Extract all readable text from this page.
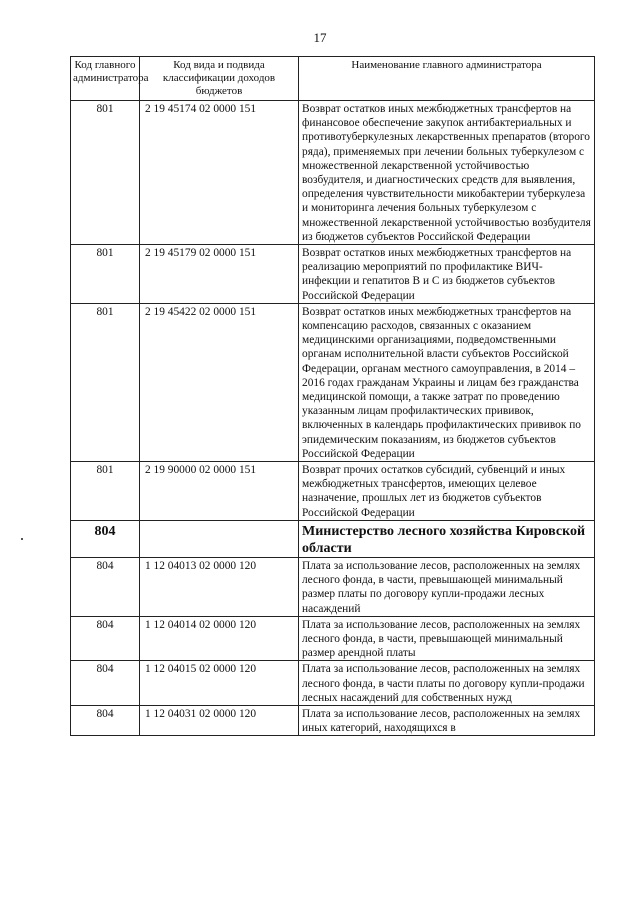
17
Код главного администратора	Код вида и подвида классификации доходов бюджетов	Наименование главного администратора
801	2 19 45174 02 0000 151	Возврат остатков иных межбюджетных трансфертов на финансовое обеспечение закупок антибактериальных и противотуберкулезных лекарственных препаратов (второго ряда), применяемых при лечении больных туберкулезом с множественной лекарственной устойчивостью возбудителя, и диагностических средств для выявления, определения чувствительности микобактерии туберкулеза и мониторинга лечения больных туберкулезом с множественной лекарственной устойчивостью возбудителя из бюджетов субъектов Российской Федерации
801	2 19 45179 02 0000 151	Возврат остатков иных межбюджетных трансфертов на реализацию мероприятий по профилактике ВИЧ-инфекции и гепатитов В и С из бюджетов субъектов Российской Федерации
801	2 19 45422 02 0000 151	Возврат остатков иных межбюджетных трансфертов на компенсацию расходов, связанных с оказанием медицинскими организациями, подведомственными органам исполнительной власти субъектов Российской Федерации, органам местного самоуправления, в 2014 – 2016 годах гражданам Украины и лицам без гражданства медицинской помощи, а также затрат по проведению указанным лицам профилактических прививок, включенных в календарь профилактических прививок по эпидемическим показаниям, из бюджетов субъектов Российской Федерации
801	2 19 90000 02 0000 151	Возврат прочих остатков субсидий, субвенций и иных межбюджетных трансфертов, имеющих целевое назначение, прошлых лет из бюджетов субъектов Российской Федерации
804		Министерство лесного хозяйства Кировской области
804	1 12 04013 02 0000 120	Плата за использование лесов, расположенных на землях лесного фонда, в части, превышающей минимальный размер платы по договору купли-продажи лесных насаждений
804	1 12 04014 02 0000 120	Плата за использование лесов, расположенных на землях лесного фонда, в части, превышающей минимальный размер арендной платы
804	1 12 04015 02 0000 120	Плата за использование лесов, расположенных на землях лесного фонда, в части платы по договору купли-продажи лесных насаждений для собственных нужд
804	1 12 04031 02 0000 120	Плата за использование лесов, расположенных на землях иных категорий, находящихся в
